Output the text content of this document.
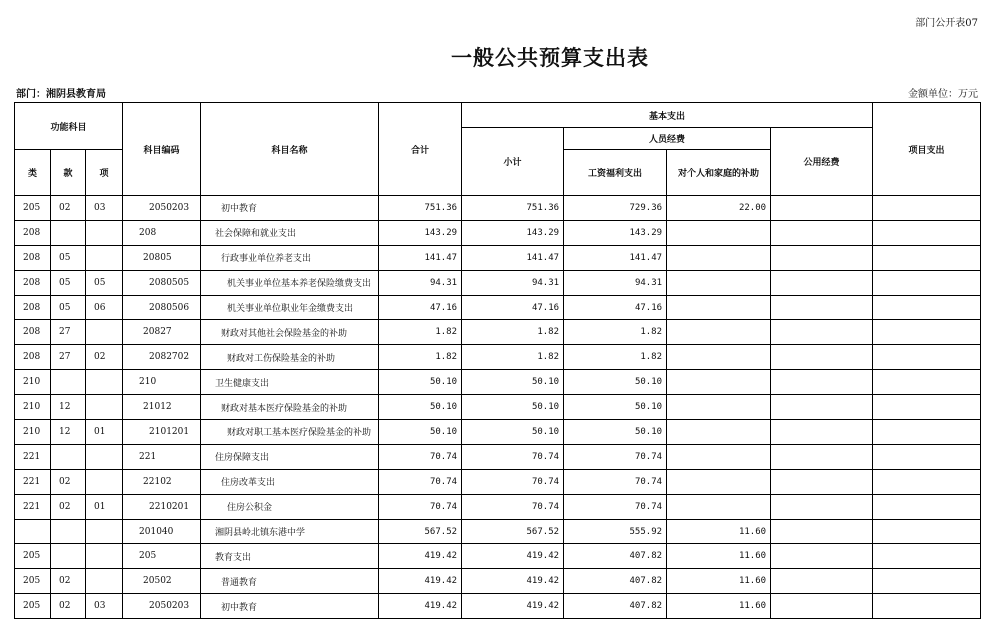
部门公开表07
一般公共预算支出表
部门：湘阴县教育局	金额单位：万元
功能科目			科目编码	科目名称	合计	基本支出				项目支出
						小计	人员经费		公用经费	
类	款	项					工资福利支出	对个人和家庭的补助		
205	02	03	2050203	初中教育	751.36	751.36	729.36	22.00		
208			208	社会保障和就业支出	143.29	143.29	143.29			
208	05		20805	行政事业单位养老支出	141.47	141.47	141.47			
208	05	05	2080505	机关事业单位基本养老保险缴费支出	94.31	94.31	94.31			
208	05	06	2080506	机关事业单位职业年金缴费支出	47.16	47.16	47.16			
208	27		20827	财政对其他社会保险基金的补助	1.82	1.82	1.82			
208	27	02	2082702	财政对工伤保险基金的补助	1.82	1.82	1.82			
210			210	卫生健康支出	50.10	50.10	50.10			
210	12		21012	财政对基本医疗保险基金的补助	50.10	50.10	50.10			
210	12	01	2101201	财政对职工基本医疗保险基金的补助	50.10	50.10	50.10			
221			221	住房保障支出	70.74	70.74	70.74			
221	02		22102	住房改革支出	70.74	70.74	70.74			
221	02	01	2210201	住房公积金	70.74	70.74	70.74			
			201040	湘阴县岭北镇东港中学	567.52	567.52	555.92	11.60		
205			205	教育支出	419.42	419.42	407.82	11.60		
205	02		20502	普通教育	419.42	419.42	407.82	11.60		
205	02	03	2050203	初中教育	419.42	419.42	407.82	11.60		
